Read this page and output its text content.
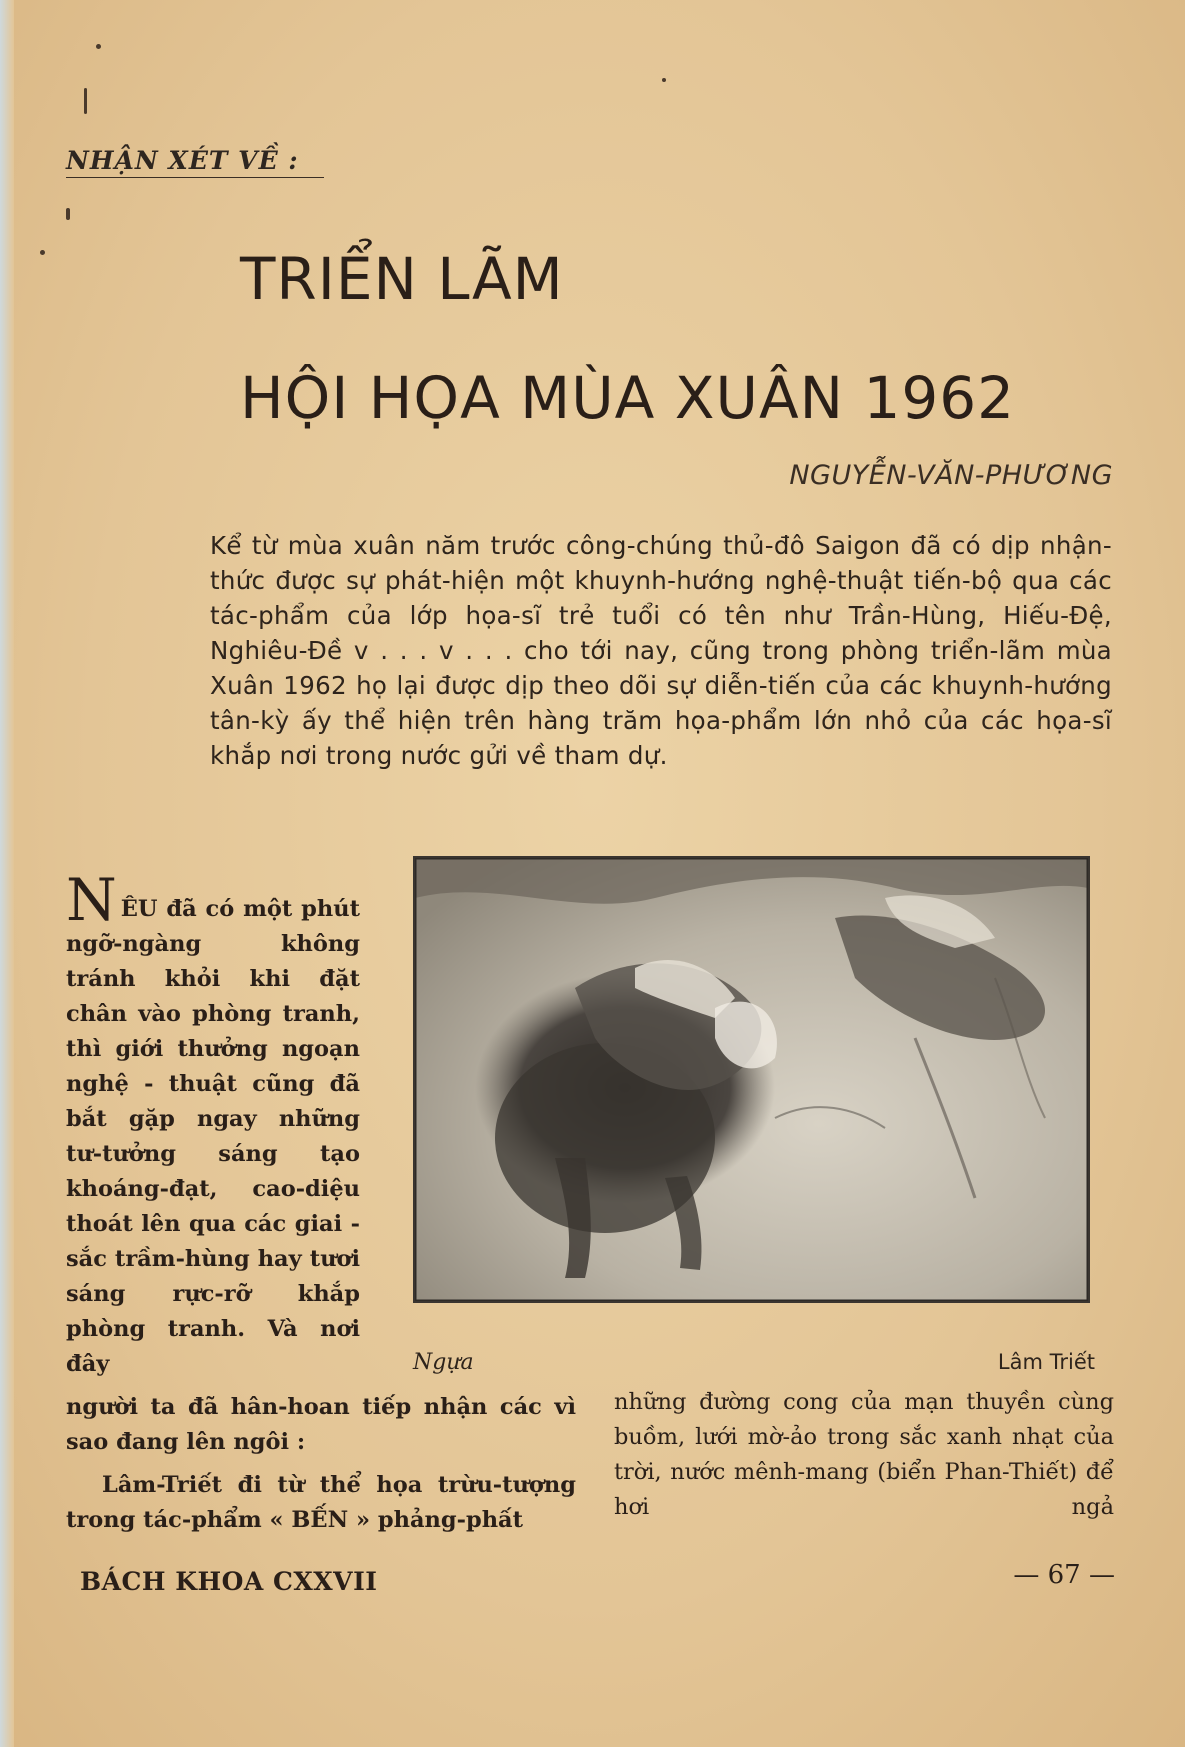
NHẬN XÉT VỀ :
TRIỂN LÃM
HỘI HỌA MÙA XUÂN 1962
NGUYỄN-VĂN-PHƯƠNG

Kể từ mùa xuân năm trước công-chúng thủ-đô Saigon đã có dịp nhận-thức được sự phát-hiện một khuynh-hướng nghệ-thuật tiến-bộ qua các tác-phẩm của lớp họa-sĩ trẻ tuổi có tên như Trần-Hùng, Hiếu-Đệ, Nghiêu-Đề v . . . v . . . cho tới nay, cũng trong phòng triển-lãm mùa Xuân 1962 họ lại được dịp theo dõi sự diễn-tiến của các khuynh-hướng tân-kỳ ấy thể hiện trên hàng trăm họa-phẩm lớn nhỏ của các họa-sĩ khắp nơi trong nước gửi về tham dự.

NÊU đã có một phút ngỡ-ngàng không tránh khỏi khi đặt chân vào phòng tranh, thì giới thưởng ngoạn nghệ - thuật cũng đã bắt gặp ngay những tư-tưởng sáng tạo khoáng-đạt, cao-diệu thoát lên qua các giai - sắc trầm-hùng hay tươi sáng rực-rỡ khắp phòng tranh. Và nơi đây	Ngựa	Lâm Triết

người ta đã hân-hoan tiếp nhận các vì sao đang lên ngôi :

Lâm-Triết đi từ thể họa trừu-tượng trong tác-phẩm « BẾN » phảng-phất

những đường cong của mạn thuyền cùng buồm, lưới mờ-ảo trong sắc xanh nhạt của trời, nước mênh-mang (biển Phan-Thiết) để hơi ngả

BÁCH KHOA CXXVII	— 67 —
